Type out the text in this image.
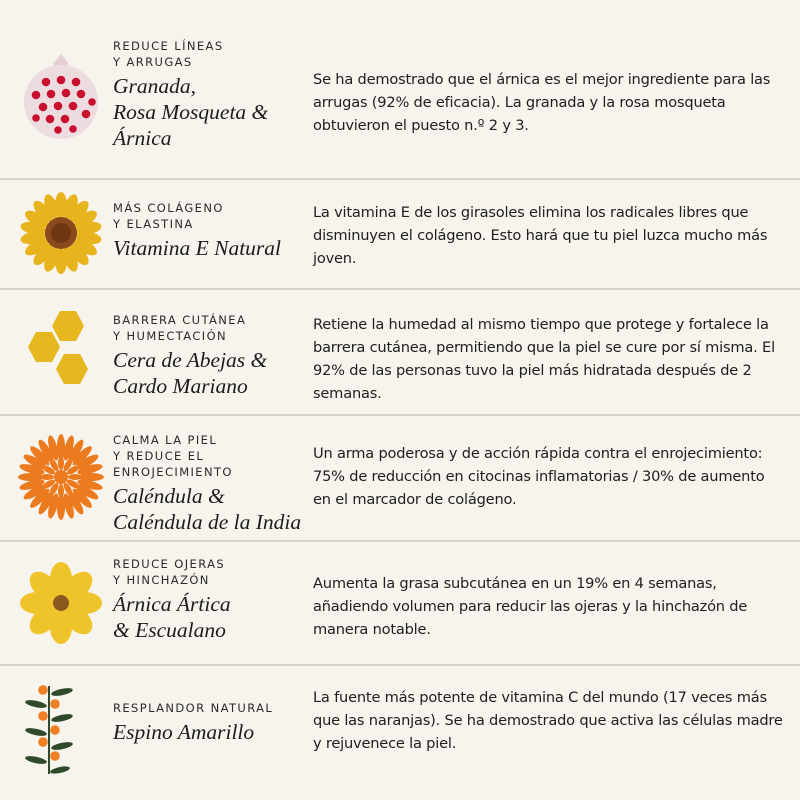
REDUCE LÍNEAS
Y ARRUGAS
Granada,
Rosa Mosqueta &
Árnica
Se ha demostrado que el árnica es el mejor ingrediente para las arrugas (92% de eficacia). La granada y la rosa mosqueta obtuvieron el puesto n.º 2 y 3.
MÁS COLÁGENO
Y ELASTINA
Vitamina E Natural
La vitamina E de los girasoles elimina los radicales libres que disminuyen el colágeno. Esto hará que tu piel luzca mucho más joven.
BARRERA CUTÁNEA
Y HUMECTACIÓN
Cera de Abejas &
Cardo Mariano
Retiene la humedad al mismo tiempo que protege y fortalece la barrera cutánea, permitiendo que la piel se cure por sí misma. El 92% de las personas tuvo la piel más hidratada después de 2 semanas.
CALMA LA PIEL
Y REDUCE EL ENROJECIMIENTO
Caléndula &
Caléndula de la India
Un arma poderosa y de acción rápida contra el enrojecimiento: 75% de reducción en citocinas inflamatorias / 30% de aumento en el marcador de colágeno.
REDUCE OJERAS
Y HINCHAZÓN
Árnica Ártica
& Escualano
Aumenta la grasa subcutánea en un 19% en 4 semanas, añadiendo volumen para reducir las ojeras y la hinchazón de manera notable.
RESPLANDOR NATURAL
Espino Amarillo
La fuente más potente de vitamina C del mundo (17 veces más que las naranjas). Se ha demostrado que activa las células madre y rejuvenece la piel.
